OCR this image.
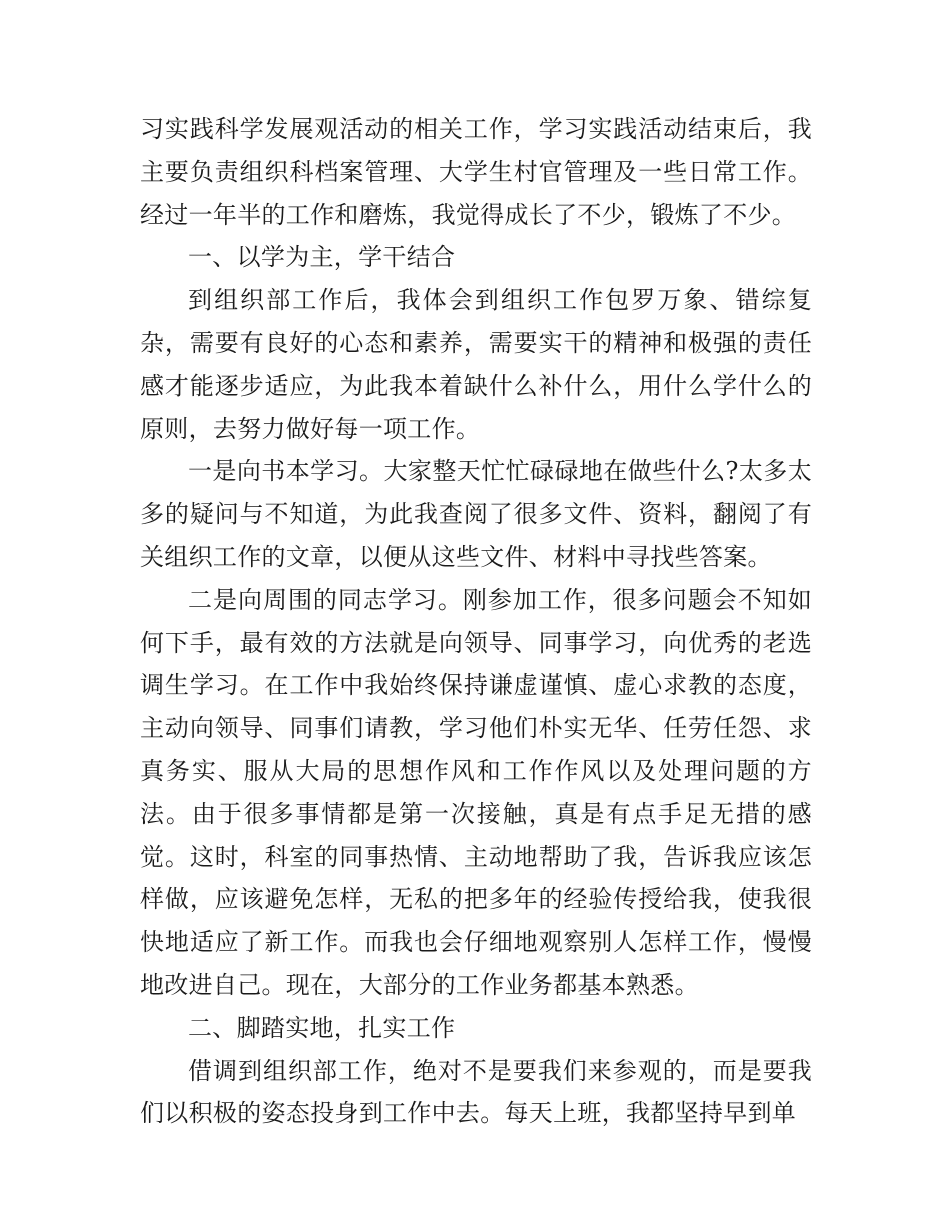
习实践科学发展观活动的相关工作，学习实践活动结束后，我主要负责组织科档案管理、大学生村官管理及一些日常工作。经过一年半的工作和磨炼，我觉得成长了不少，锻炼了不少。

一、以学为主，学干结合

到组织部工作后，我体会到组织工作包罗万象、错综复杂，需要有良好的心态和素养，需要实干的精神和极强的责任感才能逐步适应，为此我本着缺什么补什么，用什么学什么的原则，去努力做好每一项工作。

一是向书本学习。大家整天忙忙碌碌地在做些什么?太多太多的疑问与不知道，为此我查阅了很多文件、资料，翻阅了有关组织工作的文章，以便从这些文件、材料中寻找些答案。

二是向周围的同志学习。刚参加工作，很多问题会不知如何下手，最有效的方法就是向领导、同事学习，向优秀的老选调生学习。在工作中我始终保持谦虚谨慎、虚心求教的态度，主动向领导、同事们请教，学习他们朴实无华、任劳任怨、求真务实、服从大局的思想作风和工作作风以及处理问题的方法。由于很多事情都是第一次接触，真是有点手足无措的感觉。这时，科室的同事热情、主动地帮助了我，告诉我应该怎样做，应该避免怎样，无私的把多年的经验传授给我，使我很快地适应了新工作。而我也会仔细地观察别人怎样工作，慢慢地改进自己。现在，大部分的工作业务都基本熟悉。

二、脚踏实地，扎实工作

借调到组织部工作，绝对不是要我们来参观的，而是要我们以积极的姿态投身到工作中去。每天上班，我都坚持早到单
